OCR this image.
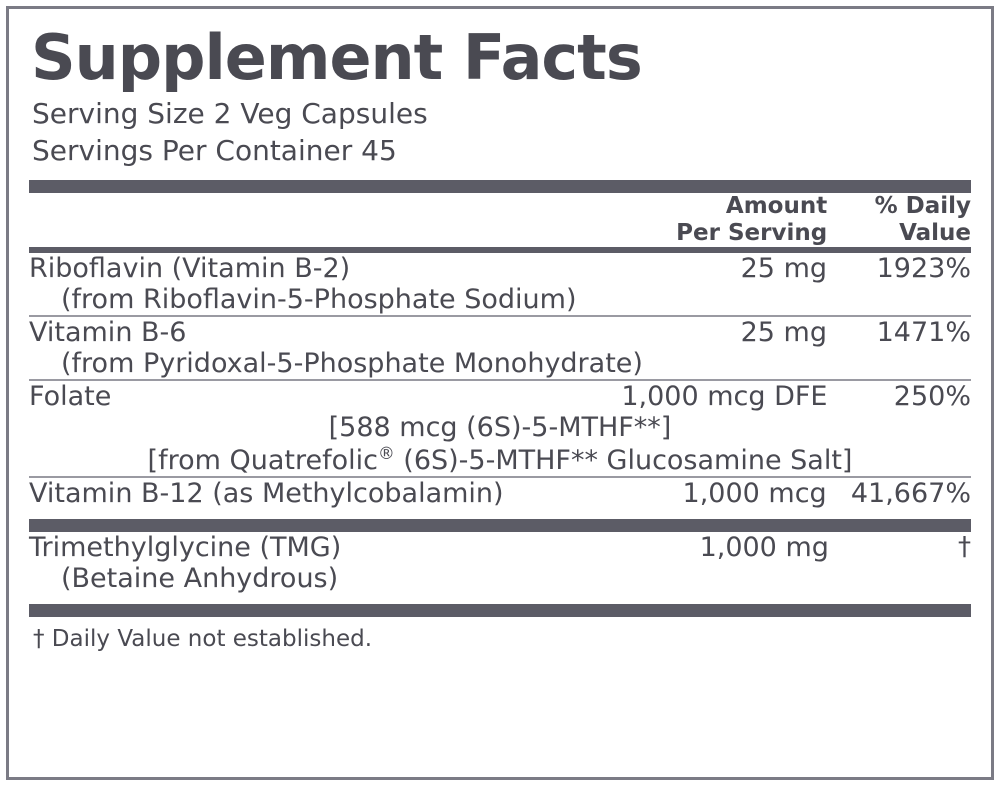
Supplement Facts
Serving Size 2 Veg Capsules
Servings Per Container 45

Amount
Per Serving

% Daily
Value
Riboflavin (Vitamin B-2)	25 mg	1923%

(from Riboflavin-5-Phosphate Sodium)
Vitamin B-6	25 mg	1471%

(from Pyridoxal-5-Phosphate Monohydrate)
Folate	1,000 mcg DFE	250%
[588 mcg (6S)-5-MTHF**]
[from Quatrefolic® (6S)-5-MTHF** Glucosamine Salt]
Vitamin B-12 (as Methylcobalamin)	1,000 mcg	41,667%
Trimethylglycine (TMG)	1,000 mg	†

(Betaine Anhydrous)
† Daily Value not established.
